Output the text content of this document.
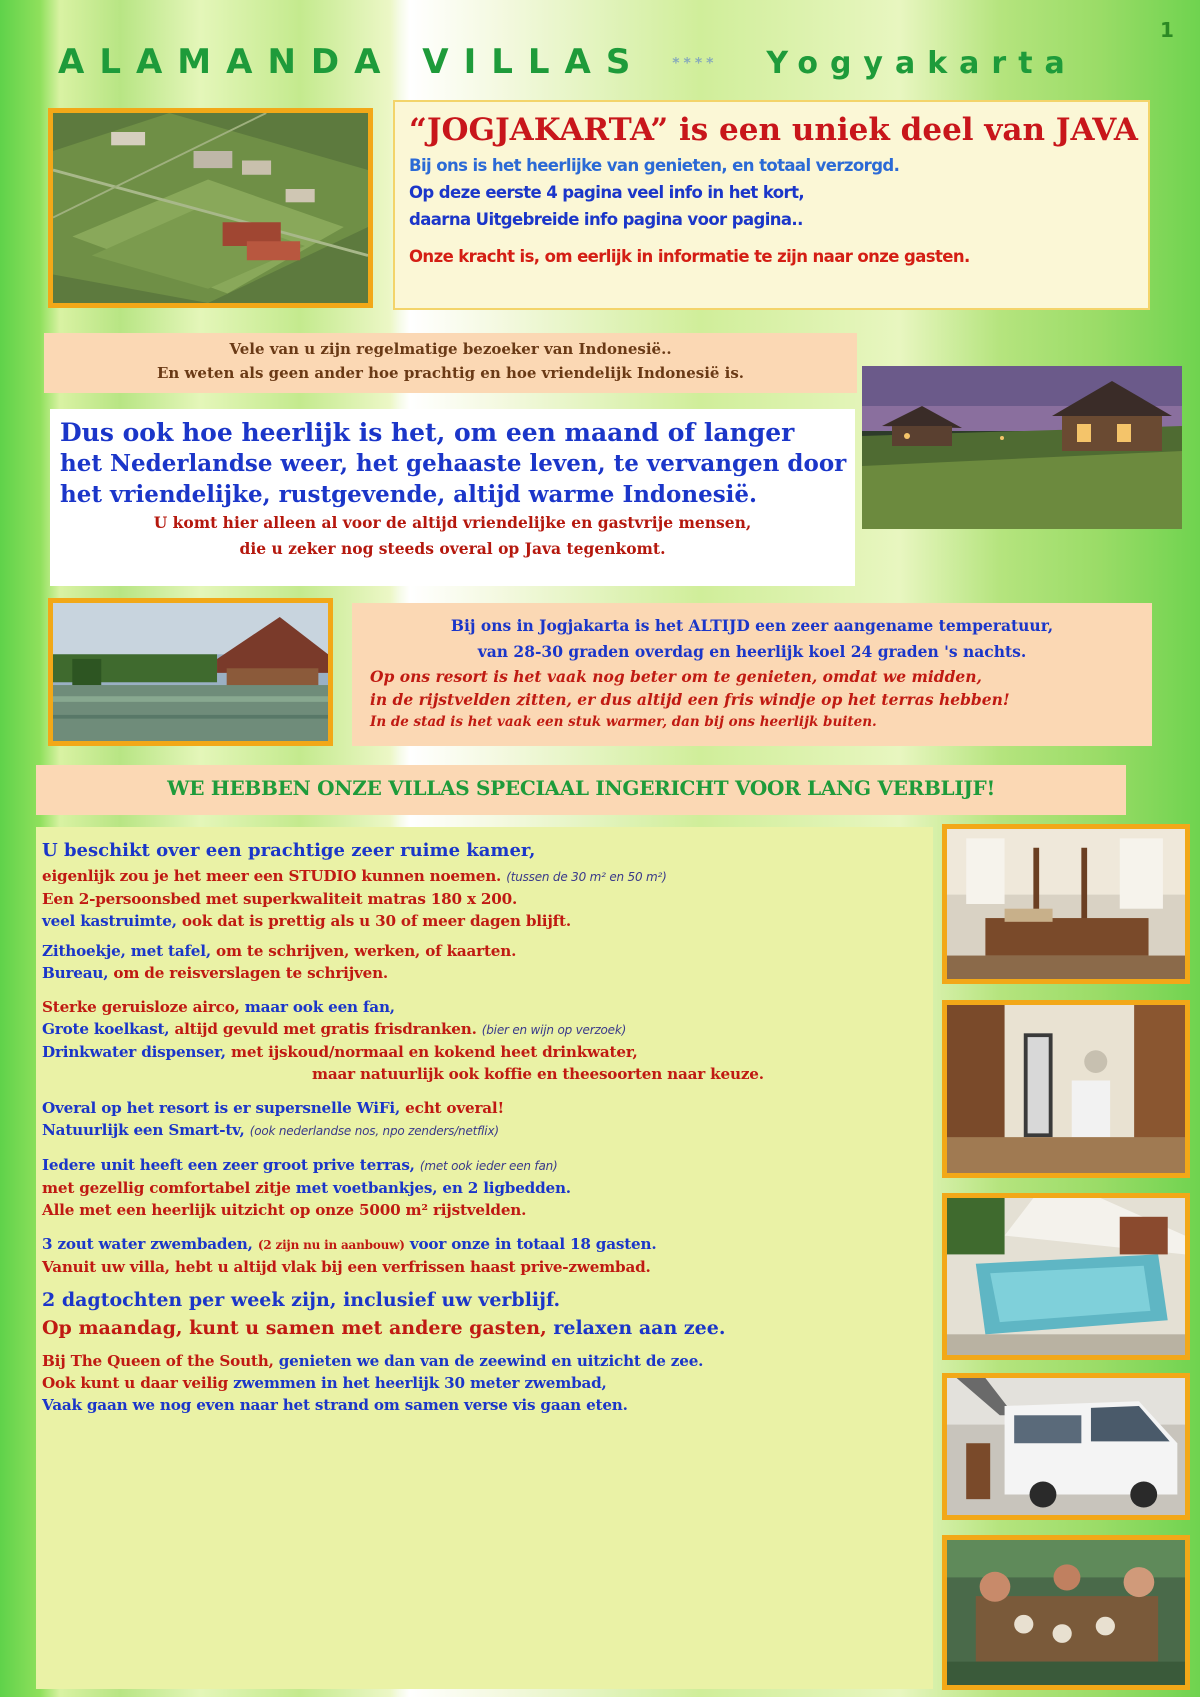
ALAMANDA VILLAS **** Yogyakarta
1
“JOGJAKARTA” is een uniek deel van JAVA
Bij ons is het heerlijke van genieten, en totaal verzorgd.
Op deze eerste 4 pagina veel info in het kort,
daarna Uitgebreide info pagina voor pagina..
Onze kracht is, om eerlijk in informatie te zijn naar onze gasten.

Vele van u zijn regelmatige bezoeker van Indonesië..

En weten als geen ander hoe prachtig en hoe vriendelijk Indonesië is.

Dus ook hoe heerlijk is het, om een maand of langer
het Nederlandse weer, het gehaaste leven, te vervangen door
het vriendelijke, rustgevende, altijd warme Indonesië.
U komt hier alleen al voor de altijd vriendelijke en gastvrije mensen,
die u zeker nog steeds overal op Java tegenkomt.
Bij ons in Jogjakarta is het ALTIJD een zeer aangename temperatuur,
van 28-30 graden overdag en heerlijk koel 24 graden 's nachts.
Op ons resort is het vaak nog beter om te genieten, omdat we midden,
in de rijstvelden zitten, er dus altijd een fris windje op het terras hebben!
In de stad is het vaak een stuk warmer, dan bij ons heerlijk buiten.
WE HEBBEN ONZE VILLAS SPECIAAL INGERICHT VOOR LANG VERBLIJF!
U beschikt over een prachtige zeer ruime kamer,
eigenlijk zou je het meer een STUDIO kunnen noemen. (tussen de 30 m² en 50 m²)
Een 2-persoonsbed met superkwaliteit matras 180 x 200.
veel kastruimte, ook dat is prettig als u 30 of meer dagen blijft.
Zithoekje, met tafel, om te schrijven, werken, of kaarten.
Bureau, om de reisverslagen te schrijven.
Sterke geruisloze airco, maar ook een fan,
Grote koelkast, altijd gevuld met gratis frisdranken. (bier en wijn op verzoek)
Drinkwater dispenser, met ijskoud/normaal en kokend heet drinkwater,
maar natuurlijk ook koffie en theesoorten naar keuze.
Overal op het resort is er supersnelle WiFi, echt overal!
Natuurlijk een Smart-tv, (ook nederlandse nos, npo zenders/netflix)
Iedere unit heeft een zeer groot prive terras, (met ook ieder een fan)
met gezellig comfortabel zitje met voetbankjes, en 2 ligbedden.
Alle met een heerlijk uitzicht op onze 5000 m² rijstvelden.
3 zout water zwembaden, (2 zijn nu in aanbouw) voor onze in totaal 18 gasten.
Vanuit uw villa, hebt u altijd vlak bij een verfrissen haast prive-zwembad.
2 dagtochten per week zijn, inclusief uw verblijf.
Op maandag, kunt u samen met andere gasten, relaxen aan zee.
Bij The Queen of the South, genieten we dan van de zeewind en uitzicht de zee.
Ook kunt u daar veilig zwemmen in het heerlijk 30 meter zwembad,
Vaak gaan we nog even naar het strand om samen verse vis gaan eten.
